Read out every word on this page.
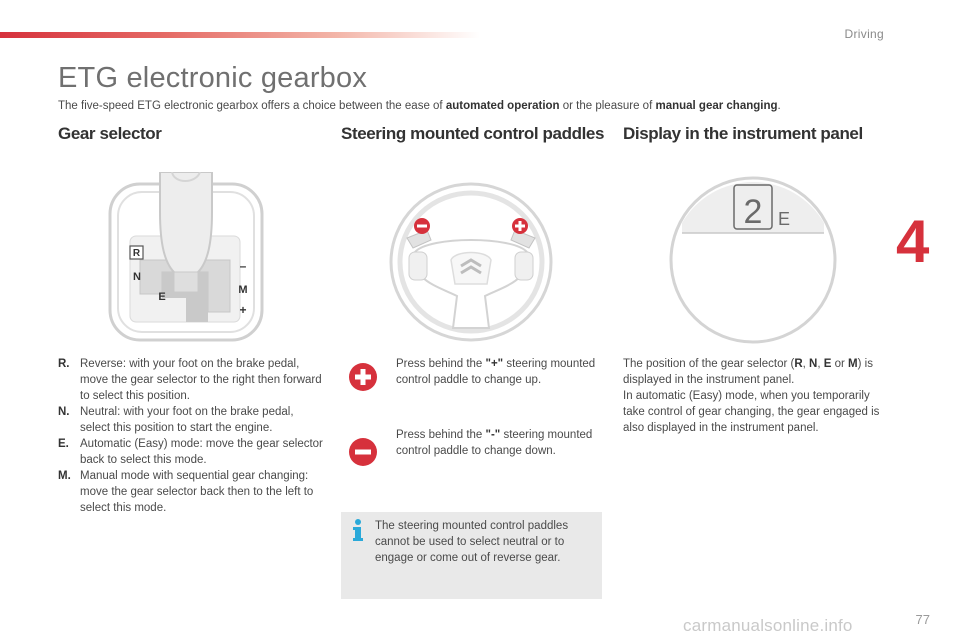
Driving
4
ETG electronic gearbox

The five-speed ETG electronic gearbox offers a choice between the ease of automated operation or the pleasure of manual gear changing.

Gear selector	Steering mounted control paddles Display in the instrument panel
R
N
E
–
M
+
2 E
R. Reverse: with your foot on the brake pedal, move the gear selector to the right then forward to select this position.
N. Neutral: with your foot on the brake pedal, select this position to start the engine.
E. Automatic (Easy) mode: move the gear selector back to select this mode.
M. Manual mode with sequential gear changing: move the gear selector back then to the left to select this mode.

Press behind the "+" steering mounted control paddle to change up.

Press behind the "-" steering mounted control paddle to change down.

The steering mounted control paddles cannot be used to select neutral or to engage or come out of reverse gear.

The position of the gear selector (R, N, E or M) is displayed in the instrument panel.
In automatic (Easy) mode, when you temporarily take control of gear changing, the gear engaged is also displayed in the instrument panel.

carmanualsonline.info	77
